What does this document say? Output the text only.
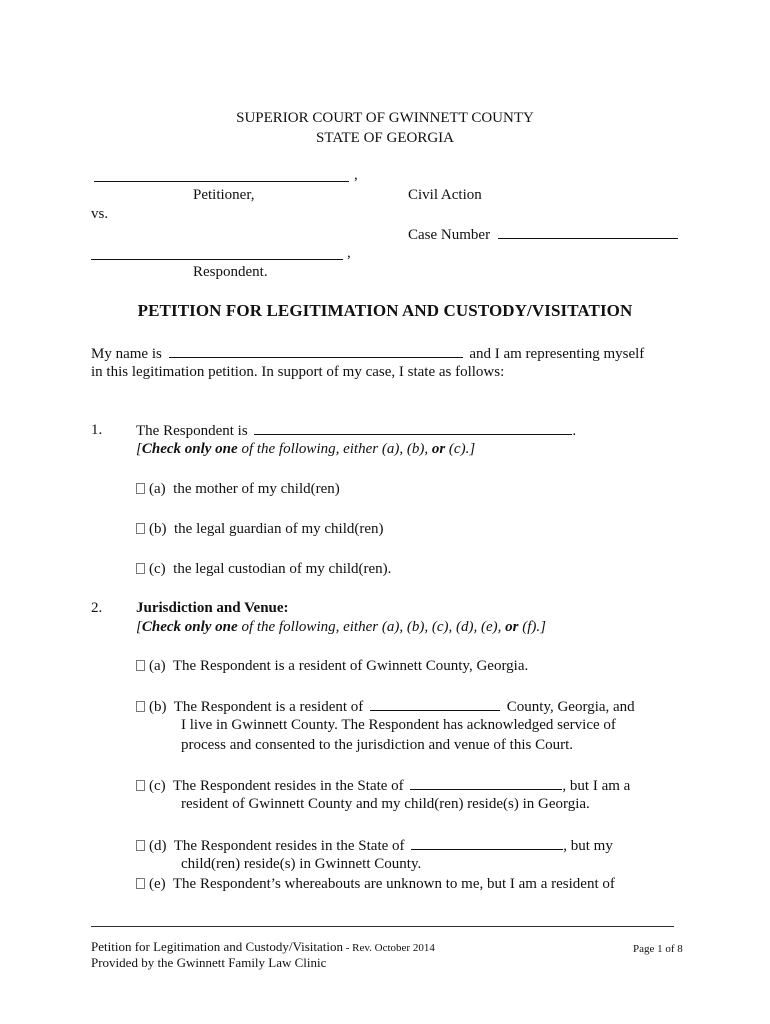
SUPERIOR COURT OF GWINNETT COUNTY
STATE OF GEORGIA
,
Petitioner,	Civil Action
vs.
Case Number
,
Respondent.
PETITION FOR LEGITIMATION AND CUSTODY/VISITATION
My name is	and I am representing myself
in this legitimation petition. In support of my case, I state as follows:
1. The Respondent is	.
[Check only one of the following, either (a), (b), or (c).]
(a) the mother of my child(ren)
(b) the legal guardian of my child(ren)
(c) the legal custodian of my child(ren).
2. Jurisdiction and Venue:
[Check only one of the following, either (a), (b), (c), (d), (e), or (f).]
(a) The Respondent is a resident of Gwinnett County, Georgia.
(b) The Respondent is a resident of	County, Georgia, and
I live in Gwinnett County. The Respondent has acknowledged service of
process and consented to the jurisdiction and venue of this Court.
(c) The Respondent resides in the State of	, but I am a
resident of Gwinnett County and my child(ren) reside(s) in Georgia.
(d) The Respondent resides in the State of	, but my
child(ren) reside(s) in Gwinnett County.
(e) The Respondent’s whereabouts are unknown to me, but I am a resident of
Petition for Legitimation and Custody/Visitation - Rev. October 2014
Provided by the Gwinnett Family Law Clinic
Page 1 of 8
